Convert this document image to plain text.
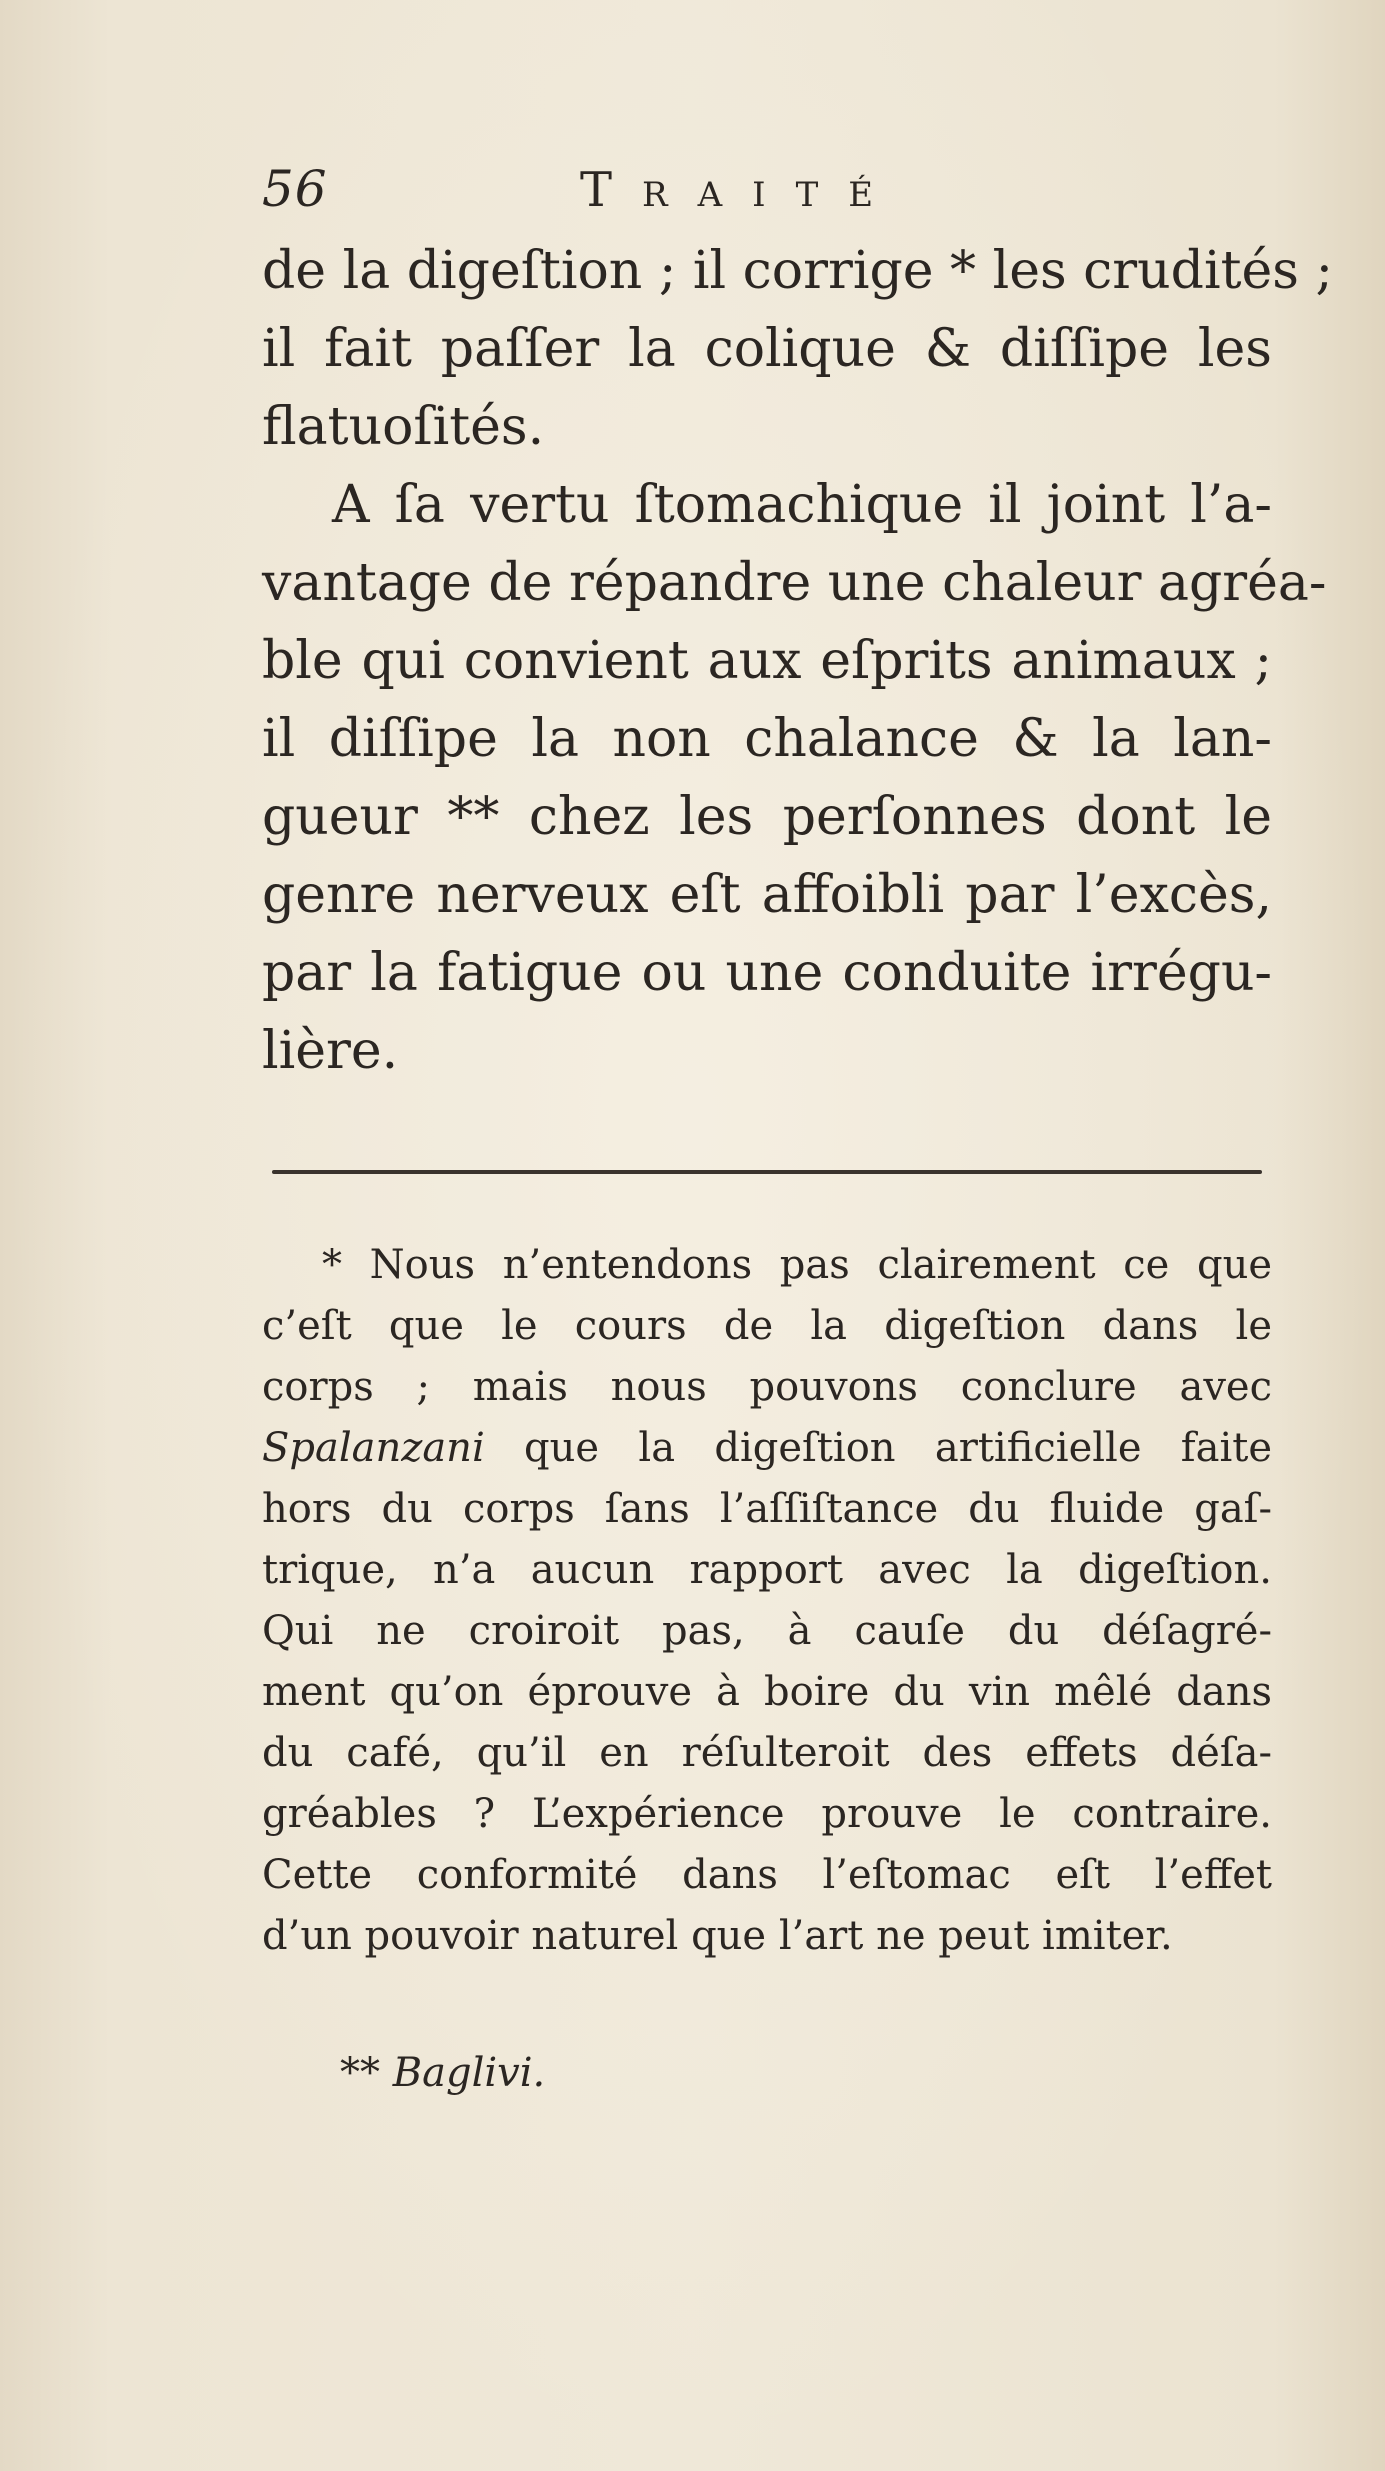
56	Traité
de la digeſtion ; il corrige * les crudités ;
il fait paſſer la colique & diſſipe les
flatuoſités.
A ſa vertu ſtomachique il joint l’a-
vantage de répandre une chaleur agréa-
ble qui convient aux eſprits animaux ;
il diſſipe la non chalance & la lan-
gueur ** chez les perſonnes dont le
genre nerveux eſt affoibli par l’excès,
par la fatigue ou une conduite irrégu-
lière.
* Nous n’entendons pas clairement ce que
c’eſt que le cours de la digeſtion dans le
corps ; mais nous pouvons conclure avec
Spalanzani que la digeſtion artificielle faite
hors du corps ſans l’aſſiſtance du fluide gaſ-
trique, n’a aucun rapport avec la digeſtion.
Qui ne croiroit pas, à cauſe du déſagré-
ment qu’on éprouve à boire du vin mêlé dans
du café, qu’il en réſulteroit des effets déſa-
gréables ? L’expérience prouve le contraire.
Cette conformité dans l’eſtomac eſt l’effet
d’un pouvoir naturel que l’art ne peut imiter.
** Baglivi.
